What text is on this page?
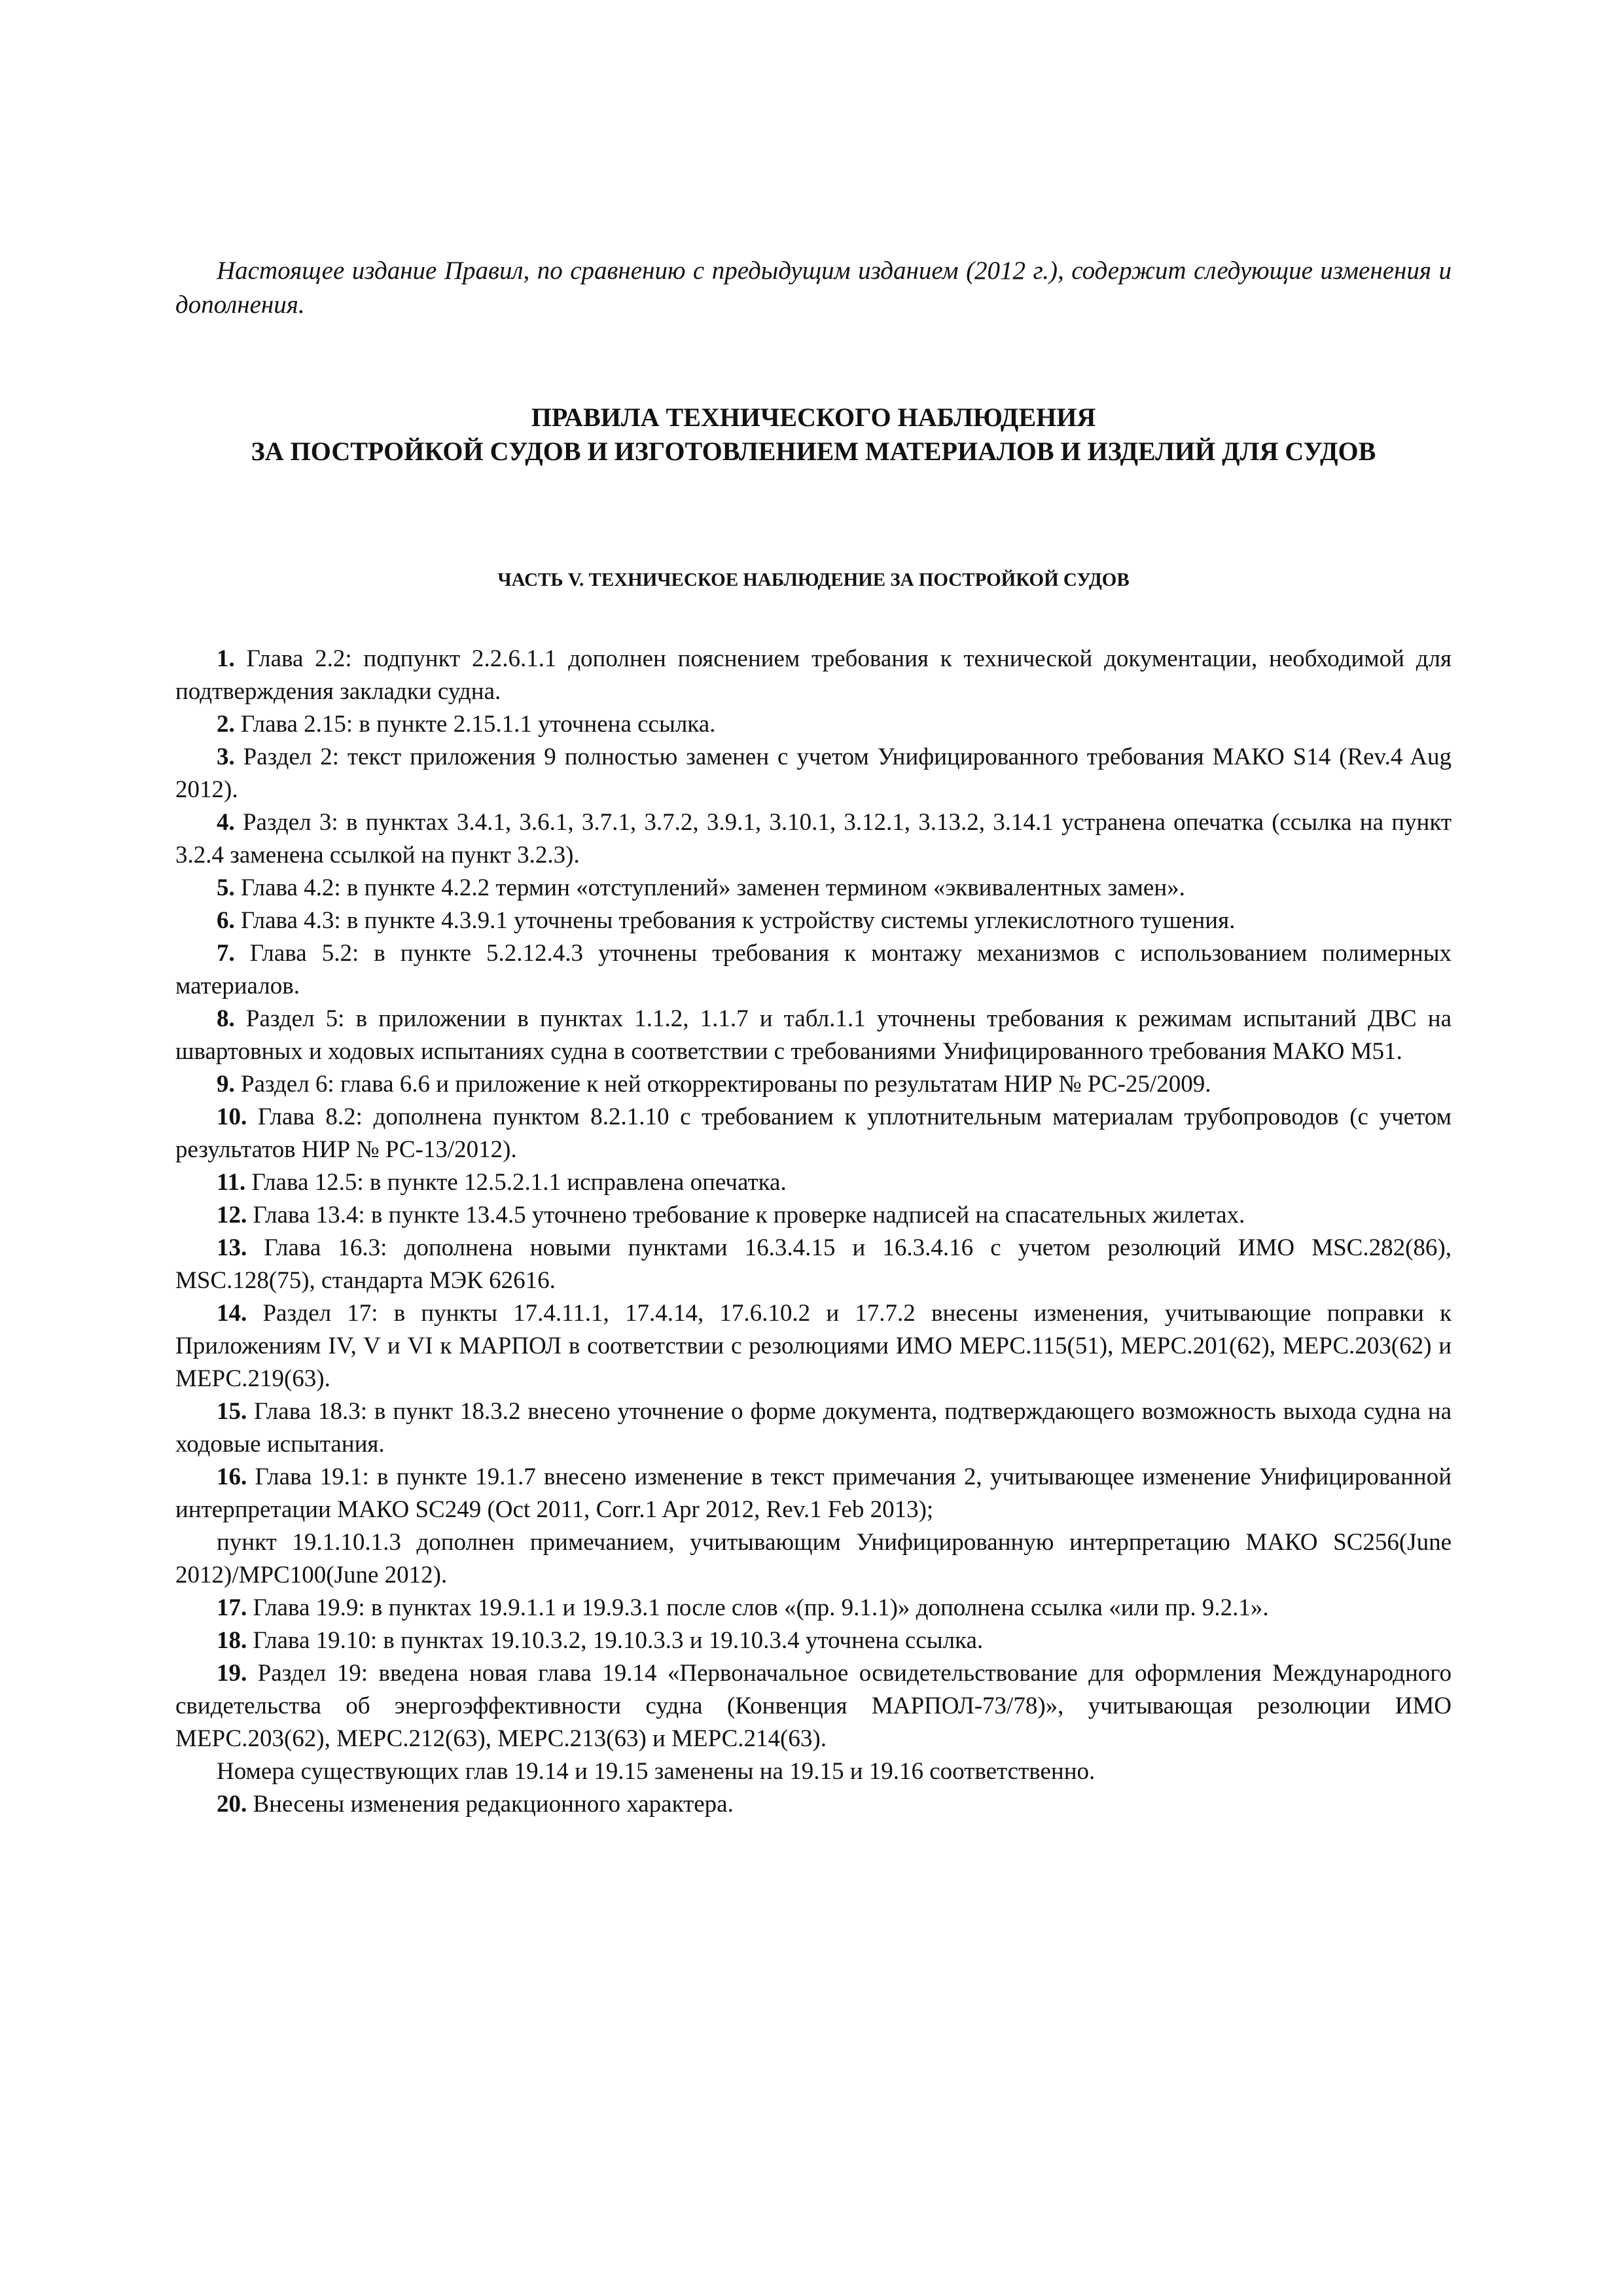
Настоящее издание Правил, по сравнению с предыдущим изданием (2012 г.), содержит следующие изменения и дополнения.

ПРАВИЛА ТЕХНИЧЕСКОГО НАБЛЮДЕНИЯ
ЗА ПОСТРОЙКОЙ СУДОВ И ИЗГОТОВЛЕНИЕМ МАТЕРИАЛОВ И ИЗДЕЛИЙ ДЛЯ СУДОВ
ЧАСТЬ V. ТЕХНИЧЕСКОЕ НАБЛЮДЕНИЕ ЗА ПОСТРОЙКОЙ СУДОВ
1. Глава 2.2: подпункт 2.2.6.1.1 дополнен пояснением требования к технической документации, необходимой для подтверждения закладки судна.
2. Глава 2.15: в пункте 2.15.1.1 уточнена ссылка.
3. Раздел 2: текст приложения 9 полностью заменен с учетом Унифицированного требования МАКО S14 (Rev.4 Aug 2012).
4. Раздел 3: в пунктах 3.4.1, 3.6.1, 3.7.1, 3.7.2, 3.9.1, 3.10.1, 3.12.1, 3.13.2, 3.14.1 устранена опечатка (ссылка на пункт 3.2.4 заменена ссылкой на пункт 3.2.3).
5. Глава 4.2: в пункте 4.2.2 термин «отступлений» заменен термином «эквивалентных замен».
6. Глава 4.3: в пункте 4.3.9.1 уточнены требования к устройству системы углекислотного тушения.
7. Глава 5.2: в пункте 5.2.12.4.3 уточнены требования к монтажу механизмов с использованием полимерных материалов.
8. Раздел 5: в приложении в пунктах 1.1.2, 1.1.7 и табл.1.1 уточнены требования к режимам испытаний ДВС на швартовных и ходовых испытаниях судна в соответствии с требованиями Унифицированного требования МАКО М51.
9. Раздел 6: глава 6.6 и приложение к ней откорректированы по результатам НИР № РС-25/2009.
10. Глава 8.2: дополнена пунктом 8.2.1.10 с требованием к уплотнительным материалам трубопроводов (с учетом результатов НИР № РС-13/2012).
11. Глава 12.5: в пункте 12.5.2.1.1 исправлена опечатка.
12. Глава 13.4: в пункте 13.4.5 уточнено требование к проверке надписей на спасательных жилетах.
13. Глава 16.3: дополнена новыми пунктами 16.3.4.15 и 16.3.4.16 с учетом резолюций ИМО MSC.282(86), MSC.128(75), стандарта МЭК 62616.
14. Раздел 17: в пункты 17.4.11.1, 17.4.14, 17.6.10.2 и 17.7.2 внесены изменения, учитывающие поправки к Приложениям IV, V и VI к МАРПОЛ в соответствии с резолюциями ИМО МЕРС.115(51), МЕРС.201(62), МЕРС.203(62) и МЕРС.219(63).
15. Глава 18.3: в пункт 18.3.2 внесено уточнение о форме документа, подтверждающего возможность выхода судна на ходовые испытания.
16. Глава 19.1: в пункте 19.1.7 внесено изменение в текст примечания 2, учитывающее изменение Унифицированной интерпретации МАКО SC249 (Oct 2011, Corr.1 Apr 2012, Rev.1 Feb 2013);
пункт 19.1.10.1.3 дополнен примечанием, учитывающим Унифицированную интерпретацию МАКО SC256(June 2012)/MPC100(June 2012).
17. Глава 19.9: в пунктах 19.9.1.1 и 19.9.3.1 после слов «(пр. 9.1.1)» дополнена ссылка «или пр. 9.2.1».
18. Глава 19.10: в пунктах 19.10.3.2, 19.10.3.3 и 19.10.3.4 уточнена ссылка.
19. Раздел 19: введена новая глава 19.14 «Первоначальное освидетельствование для оформления Международного свидетельства об энергоэффективности судна (Конвенция МАРПОЛ-73/78)», учитывающая резолюции ИМО МЕРС.203(62), МЕРС.212(63), МЕРС.213(63) и МЕРС.214(63).
Номера существующих глав 19.14 и 19.15 заменены на 19.15 и 19.16 соответственно.
20. Внесены изменения редакционного характера.
